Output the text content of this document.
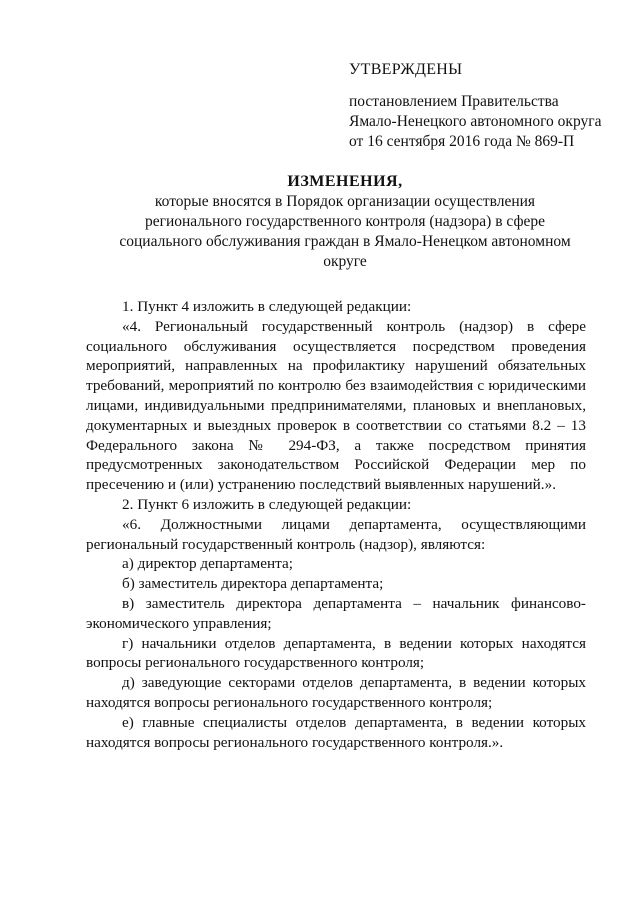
УТВЕРЖДЕНЫ
постановлением Правительства
Ямало-Ненецкого автономного округа
от 16 сентября 2016 года № 869-П
ИЗМЕНЕНИЯ,
которые вносятся в Порядок организации осуществления регионального государственного контроля (надзора) в сфере социального обслуживания граждан в Ямало-Ненецком автономном округе

1. Пункт 4 изложить в следующей редакции:

«4. Региональный государственный контроль (надзор) в сфере социального обслуживания осуществляется посредством проведения мероприятий, направленных на профилактику нарушений обязательных требований, мероприятий по контролю без взаимодействия с юридическими лицами, индивидуальными предпринимателями, плановых и внеплановых, документарных и выездных проверок в соответствии со статьями 8.2 – 13 Федерального закона № 294-ФЗ, а также посредством принятия предусмотренных законодательством Российской Федерации мер по пресечению и (или) устранению последствий выявленных нарушений.».

2. Пункт 6 изложить в следующей редакции:

«6. Должностными лицами департамента, осуществляющими региональный государственный контроль (надзор), являются:

а) директор департамента;

б) заместитель директора департамента;

в) заместитель директора департамента – начальник финансово-экономического управления;

г) начальники отделов департамента, в ведении которых находятся вопросы регионального государственного контроля;

д) заведующие секторами отделов департамента, в ведении которых находятся вопросы регионального государственного контроля;

е) главные специалисты отделов департамента, в ведении которых находятся вопросы регионального государственного контроля.».
